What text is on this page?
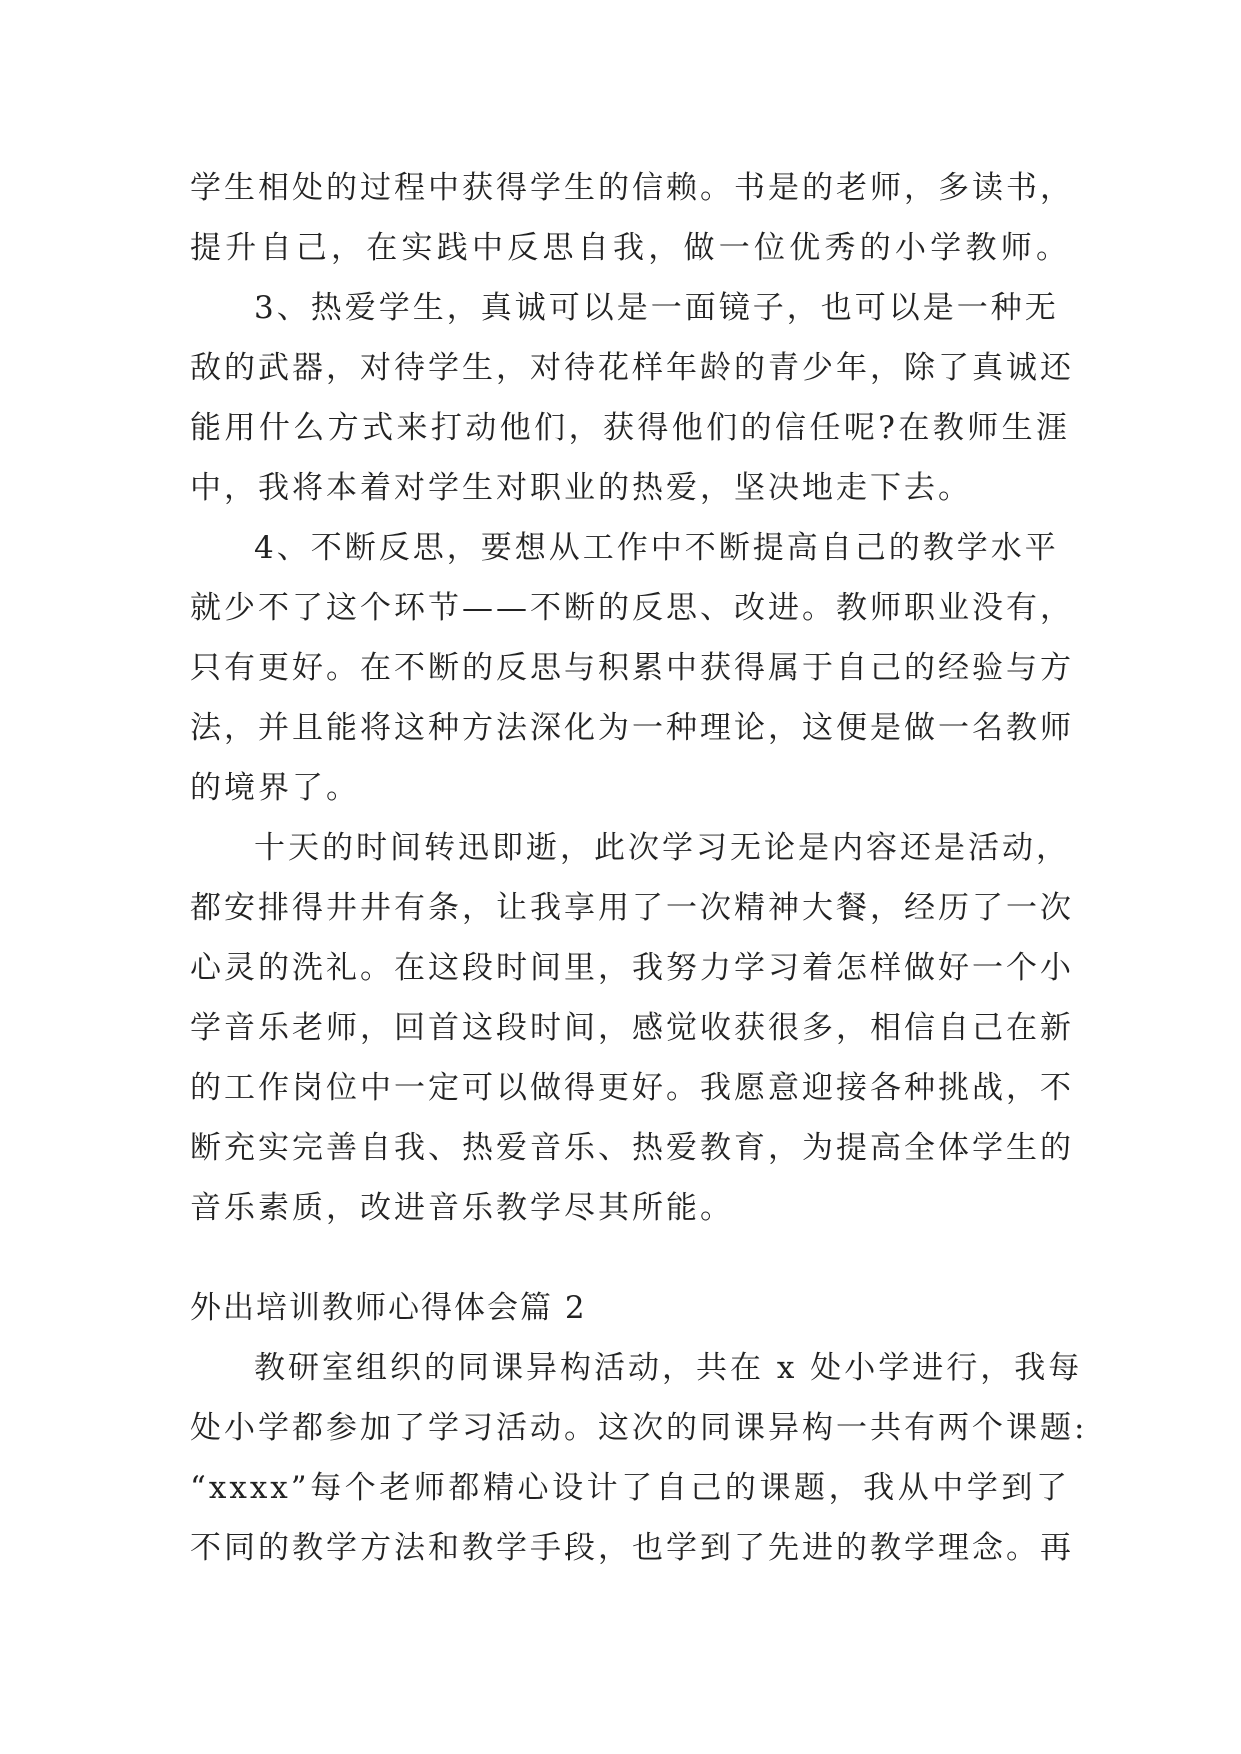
学生相处的过程中获得学生的信赖。书是的老师，多读书，
提升自己，在实践中反思自我，做一位优秀的小学教师。
3、热爱学生，真诚可以是一面镜子，也可以是一种无
敌的武器，对待学生，对待花样年龄的青少年，除了真诚还
能用什么方式来打动他们，获得他们的信任呢?在教师生涯
中，我将本着对学生对职业的热爱，坚决地走下去。
4、不断反思，要想从工作中不断提高自己的教学水平
就少不了这个环节——不断的反思、改进。教师职业没有，
只有更好。在不断的反思与积累中获得属于自己的经验与方
法，并且能将这种方法深化为一种理论，这便是做一名教师
的境界了。
十天的时间转迅即逝，此次学习无论是内容还是活动，
都安排得井井有条，让我享用了一次精神大餐，经历了一次
心灵的洗礼。在这段时间里，我努力学习着怎样做好一个小
学音乐老师，回首这段时间，感觉收获很多，相信自己在新
的工作岗位中一定可以做得更好。我愿意迎接各种挑战，不
断充实完善自我、热爱音乐、热爱教育，为提高全体学生的
音乐素质，改进音乐教学尽其所能。
外出培训教师心得体会篇 2
教研室组织的同课异构活动，共在 x 处小学进行，我每
处小学都参加了学习活动。这次的同课异构一共有两个课题:
“xxxx”每个老师都精心设计了自己的课题，我从中学到了
不同的教学方法和教学手段，也学到了先进的教学理念。再
